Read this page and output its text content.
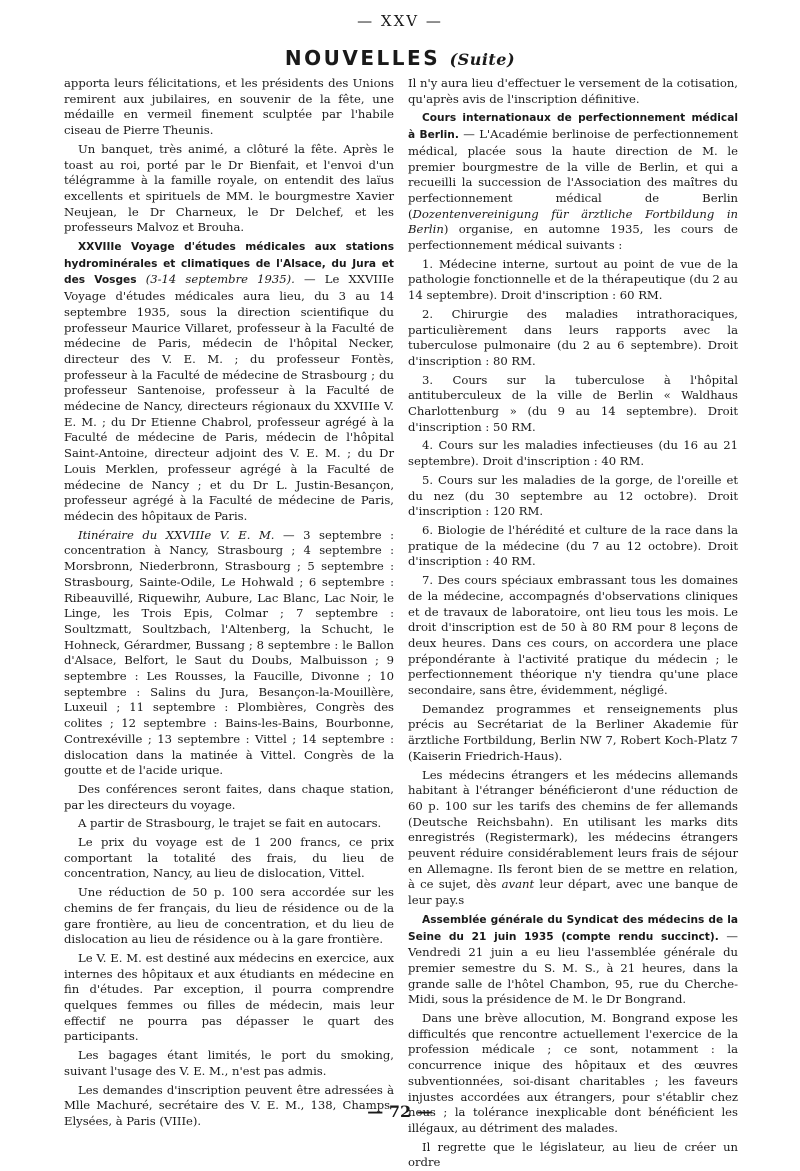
— XXV —
NOUVELLES (Suite)

apporta leurs félicitations, et les présidents des Unions remirent aux jubilaires, en souvenir de la fête, une médaille en vermeil finement sculptée par l'habile ciseau de Pierre Theunis.

Un banquet, très animé, a clôturé la fête. Après le toast au roi, porté par le Dr Bienfait, et l'envoi d'un télégramme à la famille royale, on entendit des laïus excellents et spirituels de MM. le bourgmestre Xavier Neujean, le Dr Charneux, le Dr Delchef, et les professeurs Malvoz et Brouha.

XXVIIIe Voyage d'études médicales aux stations hydrominérales et climatiques de l'Alsace, du Jura et des Vosges (3-14 septembre 1935). — Le XXVIIIe Voyage d'études médicales aura lieu, du 3 au 14 septembre 1935, sous la direction scientifique du professeur Maurice Villaret, professeur à la Faculté de médecine de Paris, médecin de l'hôpital Necker, directeur des V. E. M. ; du professeur Fontès, professeur à la Faculté de médecine de Strasbourg ; du professeur Santenoise, professeur à la Faculté de médecine de Nancy, directeurs régionaux du XXVIIIe V. E. M. ; du Dr Etienne Chabrol, professeur agrégé à la Faculté de médecine de Paris, médecin de l'hôpital Saint-Antoine, directeur adjoint des V. E. M. ; du Dr Louis Merklen, professeur agrégé à la Faculté de médecine de Nancy ; et du Dr L. Justin-Besançon, professeur agrégé à la Faculté de médecine de Paris, médecin des hôpitaux de Paris.

Itinéraire du XXVIIIe V. E. M. — 3 septembre : concentration à Nancy, Strasbourg ; 4 septembre : Morsbronn, Niederbronn, Strasbourg ; 5 septembre : Strasbourg, Sainte-Odile, Le Hohwald ; 6 septembre : Ribeauvillé, Riquewihr, Aubure, Lac Blanc, Lac Noir, le Linge, les Trois Epis, Colmar ; 7 septembre : Soultzmatt, Soultzbach, l'Altenberg, la Schucht, le Hohneck, Gérardmer, Bussang ; 8 septembre : le Ballon d'Alsace, Belfort, le Saut du Doubs, Malbuisson ; 9 septembre : Les Rousses, la Faucille, Divonne ; 10 septembre : Salins du Jura, Besançon-la-Mouillère, Luxeuil ; 11 septembre : Plombières, Congrès des colites ; 12 septembre : Bains-les-Bains, Bourbonne, Contrexéville ; 13 septembre : Vittel ; 14 septembre : dislocation dans la matinée à Vittel. Congrès de la goutte et de l'acide urique.

Des conférences seront faites, dans chaque station, par les directeurs du voyage.

A partir de Strasbourg, le trajet se fait en autocars.

Le prix du voyage est de 1 200 francs, ce prix comportant la totalité des frais, du lieu de concentration, Nancy, au lieu de dislocation, Vittel.

Une réduction de 50 p. 100 sera accordée sur les chemins de fer français, du lieu de résidence ou de la gare frontière, au lieu de concentration, et du lieu de dislocation au lieu de résidence ou à la gare frontière.

Le V. E. M. est destiné aux médecins en exercice, aux internes des hôpitaux et aux étudiants en médecine en fin d'études. Par exception, il pourra comprendre quelques femmes ou filles de médecin, mais leur effectif ne pourra pas dépasser le quart des participants.

Les bagages étant limités, le port du smoking, suivant l'usage des V. E. M., n'est pas admis.

Les demandes d'inscription peuvent être adressées à Mlle Machuré, secrétaire des V. E. M., 138, Champs-Elysées, à Paris (VIIIe).

Il n'y aura lieu d'effectuer le versement de la cotisation, qu'après avis de l'inscription définitive.

Cours internationaux de perfectionnement médical à Berlin. — L'Académie berlinoise de perfectionnement médical, placée sous la haute direction de M. le premier bourgmestre de la ville de Berlin, et qui a recueilli la succession de l'Association des maîtres du perfectionnement médical de Berlin (Dozentenvereinigung für ärztliche Fortbildung in Berlin) organise, en automne 1935, les cours de perfectionnement médical suivants :

1. Médecine interne, surtout au point de vue de la pathologie fonctionnelle et de la thérapeutique (du 2 au 14 septembre). Droit d'inscription : 60 RM.

2. Chirurgie des maladies intrathoraciques, particulièrement dans leurs rapports avec la tuberculose pulmonaire (du 2 au 6 septembre). Droit d'inscription : 80 RM.

3. Cours sur la tuberculose à l'hôpital antituberculeux de la ville de Berlin « Waldhaus Charlottenburg » (du 9 au 14 septembre). Droit d'inscription : 50 RM.

4. Cours sur les maladies infectieuses (du 16 au 21 septembre). Droit d'inscription : 40 RM.

5. Cours sur les maladies de la gorge, de l'oreille et du nez (du 30 septembre au 12 octobre). Droit d'inscription : 120 RM.

6. Biologie de l'hérédité et culture de la race dans la pratique de la médecine (du 7 au 12 octobre). Droit d'inscription : 40 RM.

7. Des cours spéciaux embrassant tous les domaines de la médecine, accompagnés d'observations cliniques et de travaux de laboratoire, ont lieu tous les mois. Le droit d'inscription est de 50 à 80 RM pour 8 leçons de deux heures. Dans ces cours, on accordera une place prépondérante à l'activité pratique du médecin ; le perfectionnement théorique n'y tiendra qu'une place secondaire, sans être, évidemment, négligé.

Demandez programmes et renseignements plus précis au Secrétariat de la Berliner Akademie für ärztliche Fortbildung, Berlin NW 7, Robert Koch-Platz 7 (Kaiserin Friedrich-Haus).

Les médecins étrangers et les médecins allemands habitant à l'étranger bénéficieront d'une réduction de 60 p. 100 sur les tarifs des chemins de fer allemands (Deutsche Reichsbahn). En utilisant les marks dits enregistrés (Registermark), les médecins étrangers peuvent réduire considérablement leurs frais de séjour en Allemagne. Ils feront bien de se mettre en relation, à ce sujet, dès avant leur départ, avec une banque de leur pay.s

Assemblée générale du Syndicat des médecins de la Seine du 21 juin 1935 (compte rendu succinct). — Vendredi 21 juin a eu lieu l'assemblée générale du premier semestre du S. M. S., à 21 heures, dans la grande salle de l'hôtel Chambon, 95, rue du Cherche-Midi, sous la présidence de M. le Dr Bongrand.

Dans une brève allocution, M. Bongrand expose les difficultés que rencontre actuellement l'exercice de la profession médicale ; ce sont, notamment : la concurrence inique des hôpitaux et des œuvres subventionnées, soi-disant charitables ; les faveurs injustes accordées aux étrangers, pour s'établir chez nous ; la tolérance inexplicable dont bénéficient les illégaux, au détriment des malades.

Il regrette que le législateur, au lieu de créer un ordre

— 72 —
